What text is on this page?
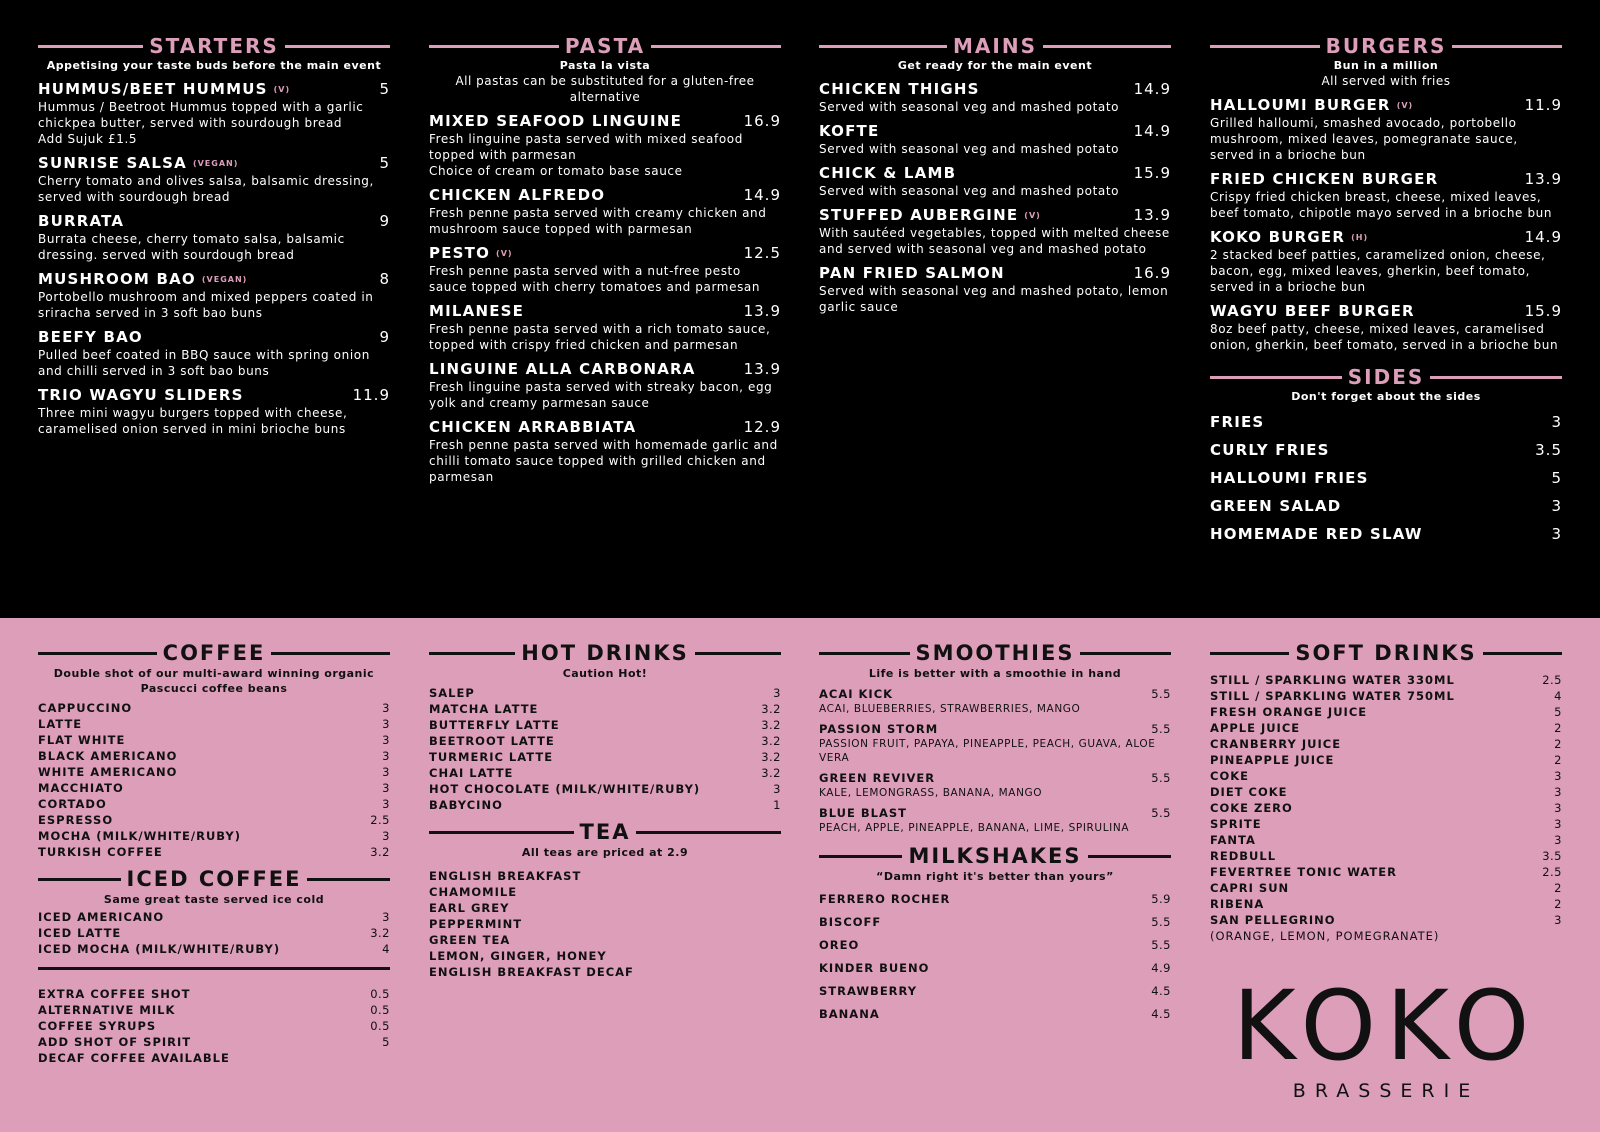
STARTERS
Appetising your taste buds before the main event
HUMMUS/BEET HUMMUS (V)	5
Hummus / Beetroot Hummus topped with a garlic chickpea butter, served with sourdough bread
Add Sujuk £1.5
SUNRISE SALSA (VEGAN)	5
Cherry tomato and olives salsa, balsamic dressing, served with sourdough bread
BURRATA	9
Burrata cheese, cherry tomato salsa, balsamic dressing. served with sourdough bread
MUSHROOM BAO (VEGAN)	8
Portobello mushroom and mixed peppers coated in sriracha served in 3 soft bao buns
BEEFY BAO	9
Pulled beef coated in BBQ sauce with spring onion and chilli served in 3 soft bao buns
TRIO WAGYU SLIDERS	11.9
Three mini wagyu burgers topped with cheese, caramelised onion served in mini brioche buns
PASTA
Pasta la vista
All pastas can be substituted for a gluten-free alternative
MIXED SEAFOOD LINGUINE	16.9
Fresh linguine pasta served with mixed seafood topped with parmesan
Choice of cream or tomato base sauce
CHICKEN ALFREDO	14.9
Fresh penne pasta served with creamy chicken and mushroom sauce topped with parmesan
PESTO (V)	12.5
Fresh penne pasta served with a nut-free pesto sauce topped with cherry tomatoes and parmesan
MILANESE	13.9
Fresh penne pasta served with a rich tomato sauce, topped with crispy fried chicken and parmesan
LINGUINE ALLA CARBONARA	13.9
Fresh linguine pasta served with streaky bacon, egg yolk and creamy parmesan sauce
CHICKEN ARRABBIATA	12.9
Fresh penne pasta served with homemade garlic and chilli tomato sauce topped with grilled chicken and parmesan
MAINS
Get ready for the main event
CHICKEN THIGHS	14.9
Served with seasonal veg and mashed potato
KOFTE	14.9
Served with seasonal veg and mashed potato
CHICK & LAMB	15.9
Served with seasonal veg and mashed potato
STUFFED AUBERGINE (V)	13.9
With sautéed vegetables, topped with melted cheese and served with seasonal veg and mashed potato
PAN FRIED SALMON	16.9
Served with seasonal veg and mashed potato, lemon garlic sauce
BURGERS
Bun in a million
All served with fries
HALLOUMI BURGER (V)	11.9
Grilled halloumi, smashed avocado, portobello mushroom, mixed leaves, pomegranate sauce, served in a brioche bun
FRIED CHICKEN BURGER	13.9
Crispy fried chicken breast, cheese, mixed leaves, beef tomato, chipotle mayo served in a brioche bun
KOKO BURGER (H)	14.9
2 stacked beef patties, caramelized onion, cheese, bacon, egg, mixed leaves, gherkin, beef tomato, served in a brioche bun
WAGYU BEEF BURGER	15.9
8oz beef patty, cheese, mixed leaves, caramelised onion, gherkin, beef tomato, served in a brioche bun
SIDES
Don't forget about the sides
FRIES	3
CURLY FRIES	3.5
HALLOUMI FRIES	5
GREEN SALAD	3
HOMEMADE RED SLAW	3
COFFEE
Double shot of our multi-award winning organic Pascucci coffee beans
CAPPUCCINO	3
LATTE	3
FLAT WHITE	3
BLACK AMERICANO	3
WHITE AMERICANO	3
MACCHIATO	3
CORTADO	3
ESPRESSO	2.5
MOCHA (MILK/WHITE/RUBY)	3
TURKISH COFFEE	3.2
ICED COFFEE
Same great taste served ice cold
ICED AMERICANO	3
ICED LATTE	3.2
ICED MOCHA (MILK/WHITE/RUBY)	4
EXTRA COFFEE SHOT	0.5
ALTERNATIVE MILK	0.5
COFFEE SYRUPS	0.5
ADD SHOT OF SPIRIT	5
DECAF COFFEE AVAILABLE
HOT DRINKS
Caution Hot!
SALEP	3
MATCHA LATTE	3.2
BUTTERFLY LATTE	3.2
BEETROOT LATTE	3.2
TURMERIC LATTE	3.2
CHAI LATTE	3.2
HOT CHOCOLATE (MILK/WHITE/RUBY)	3
BABYCINO	1
TEA
All teas are priced at 2.9
ENGLISH BREAKFAST
CHAMOMILE
EARL GREY
PEPPERMINT
GREEN TEA
LEMON, GINGER, HONEY
ENGLISH BREAKFAST DECAF
SMOOTHIES
Life is better with a smoothie in hand
ACAI KICK	5.5
ACAI, BLUEBERRIES, STRAWBERRIES, MANGO
PASSION STORM	5.5
PASSION FRUIT, PAPAYA, PINEAPPLE, PEACH, GUAVA, ALOE VERA
GREEN REVIVER	5.5
KALE, LEMONGRASS, BANANA, MANGO
BLUE BLAST	5.5
PEACH, APPLE, PINEAPPLE, BANANA, LIME, SPIRULINA
MILKSHAKES
“Damn right it's better than yours”
FERRERO ROCHER	5.9
BISCOFF	5.5
OREO	5.5
KINDER BUENO	4.9
STRAWBERRY	4.5
BANANA	4.5
SOFT DRINKS
STILL / SPARKLING WATER 330ML	2.5
STILL / SPARKLING WATER 750ML	4
FRESH ORANGE JUICE	5
APPLE JUICE	2
CRANBERRY JUICE	2
PINEAPPLE JUICE	2
COKE	3
DIET COKE	3
COKE ZERO	3
SPRITE	3
FANTA	3
REDBULL	3.5
FEVERTREE TONIC WATER	2.5
CAPRI SUN	2
RIBENA	2
SAN PELLEGRINO	3
(ORANGE, LEMON, POMEGRANATE)
KOKO
BRASSERIE
